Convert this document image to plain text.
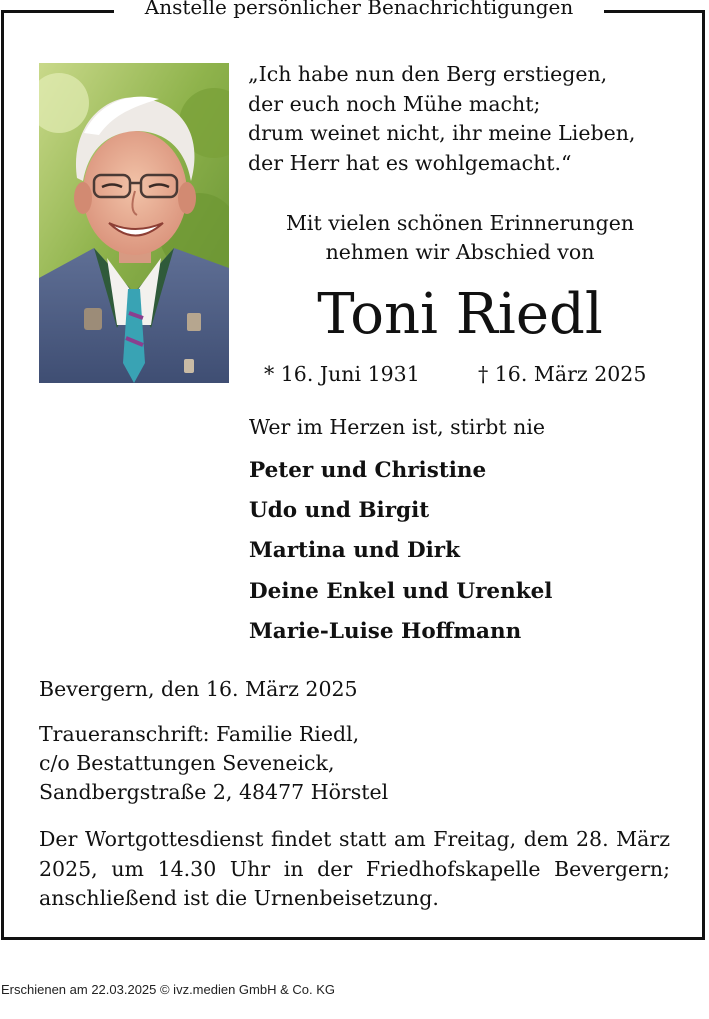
Anstelle persönlicher Benachrichtigungen
„Ich habe nun den Berg erstiegen,
der euch noch Mühe macht;
drum weinet nicht, ihr meine Lieben,
der Herr hat es wohlgemacht.“
Mit vielen schönen Erinnerungen
nehmen wir Abschied von
Toni Riedl
* 16. Juni 1931	† 16. März 2025
Wer im Herzen ist, stirbt nie
Peter und Christine
Udo und Birgit
Martina und Dirk
Deine Enkel und Urenkel
Marie-Luise Hoffmann
Bevergern, den 16. März 2025
Traueranschrift: Familie Riedl,
c/o Bestattungen Seveneick,
Sandbergstraße 2, 48477 Hörstel
Der Wortgottesdienst findet statt am Freitag, dem 28. März 2025, um 14.30 Uhr in der Friedhofskapelle Bevergern; anschließend ist die Urnenbeisetzung.
Erschienen am 22.03.2025 © ivz.medien GmbH & Co. KG
